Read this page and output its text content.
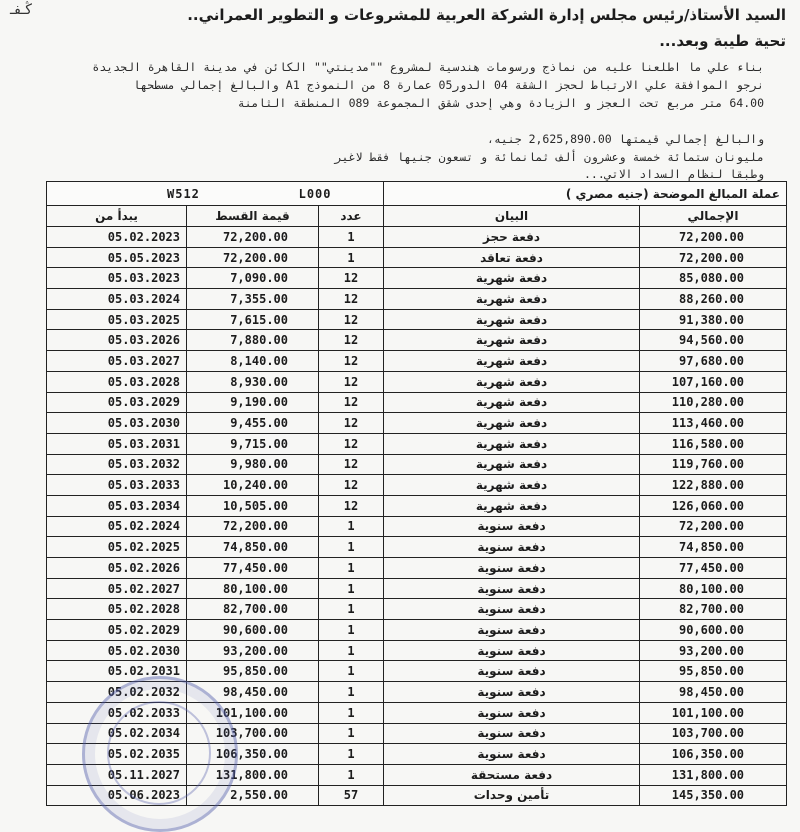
السيد الأستاذ/رئيس مجلس إدارة الشركة العربية للمشروعات و التطوير العمراني..
ﯕـﻔـ
تحية طيبة وبعد...
بناء علي ما اطلعنا عليه من نماذج ورسومات هندسية لمشروع ""مدينتي"" الكائن في مدينة القاهرة الجديدة
نرجو الموافقة علي الارتباط لحجز الشقة 04 الدور05 عمارة 8 من النموذج A1 والبالغ إجمالي مسطحها
64.00 متر مربع تحت العجز و الزيادة وهي إحدى شقق المجموعة 089 المنطقة الثامنة
والبالغ إجمالي قيمتها 2,625,890.00 جنيه،
مليونان ستمائة خمسة وعشرون ألف ثمانمائة و تسعون جنيها فقط لاغير
وطبقا لنظام السداد الاتي...
W512 L000			عملة المبالغ الموضحة (جنيه مصري )	
يبدأ من	قيمة القسط	عدد	البيان	الإجمالي
05.02.2023	72,200.00	1	دفعة حجز	72,200.00
05.05.2023	72,200.00	1	دفعة تعاقد	72,200.00
05.03.2023	7,090.00	12	دفعة شهرية	85,080.00
05.03.2024	7,355.00	12	دفعة شهرية	88,260.00
05.03.2025	7,615.00	12	دفعة شهرية	91,380.00
05.03.2026	7,880.00	12	دفعة شهرية	94,560.00
05.03.2027	8,140.00	12	دفعة شهرية	97,680.00
05.03.2028	8,930.00	12	دفعة شهرية	107,160.00
05.03.2029	9,190.00	12	دفعة شهرية	110,280.00
05.03.2030	9,455.00	12	دفعة شهرية	113,460.00
05.03.2031	9,715.00	12	دفعة شهرية	116,580.00
05.03.2032	9,980.00	12	دفعة شهرية	119,760.00
05.03.2033	10,240.00	12	دفعة شهرية	122,880.00
05.03.2034	10,505.00	12	دفعة شهرية	126,060.00
05.02.2024	72,200.00	1	دفعة سنوية	72,200.00
05.02.2025	74,850.00	1	دفعة سنوية	74,850.00
05.02.2026	77,450.00	1	دفعة سنوية	77,450.00
05.02.2027	80,100.00	1	دفعة سنوية	80,100.00
05.02.2028	82,700.00	1	دفعة سنوية	82,700.00
05.02.2029	90,600.00	1	دفعة سنوية	90,600.00
05.02.2030	93,200.00	1	دفعة سنوية	93,200.00
05.02.2031	95,850.00	1	دفعة سنوية	95,850.00
05.02.2032	98,450.00	1	دفعة سنوية	98,450.00
05.02.2033	101,100.00	1	دفعة سنوية	101,100.00
05.02.2034	103,700.00	1	دفعة سنوية	103,700.00
05.02.2035	106,350.00	1	دفعة سنوية	106,350.00
05.11.2027	131,800.00	1	دفعة مستحقة	131,800.00
05.06.2023	2,550.00	57	تأمين وحدات	145,350.00
